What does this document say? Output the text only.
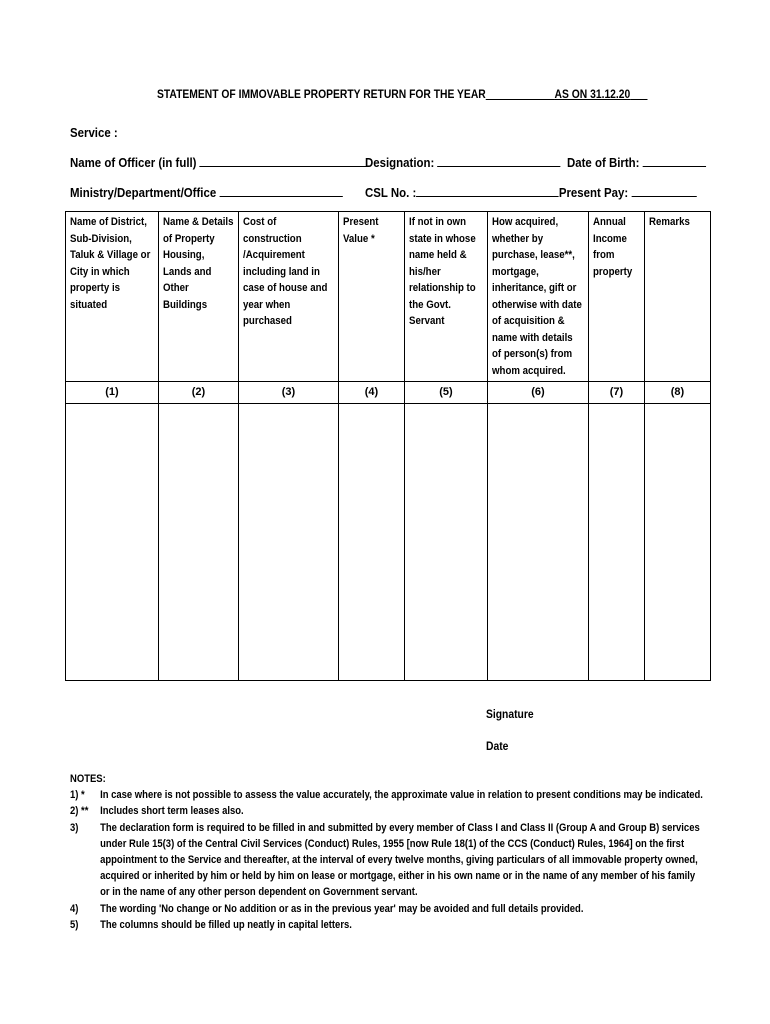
STATEMENT OF IMMOVABLE PROPERTY RETURN FOR THE YEAR	AS ON 31.12.20
Service :
Name of Officer (in full)	Designation:	Date of Birth:
Ministry/Department/Office	CSL No. :	Present Pay:
Name of District, Sub-Division, Taluk & Village or City in which property is situated	Name & Details of Property Housing, Lands and Other Buildings	Cost of construction /Acquirement including land in case of house and year when purchased	Present Value *	If not in own state in whose name held & his/her relationship to the Govt. Servant	How acquired, whether by purchase, lease**, mortgage, inheritance, gift or otherwise with date of acquisition & name with details of person(s) from whom acquired.	Annual Income from property	Remarks

(1)	(2)	(3)	(4)	(5)	(6)	(7)	(8)

Signature
Date
NOTES:
1) *	In case where is not possible to assess the value accurately, the approximate value in relation to present conditions may be indicated.
2) **	Includes short term leases also.
3)	The declaration form is required to be filled in and submitted by every member of Class I and Class II (Group A and Group B) services under Rule 15(3) of the Central Civil Services (Conduct) Rules, 1955 [now Rule 18(1) of the CCS (Conduct) Rules, 1964] on the first appointment to the Service and thereafter, at the interval of every twelve months, giving particulars of all immovable property owned, acquired or inherited by him or held by him on lease or mortgage, either in his own name or in the name of any member of his family or in the name of any other person dependent on Government servant.
4)	The wording 'No change or No addition or as in the previous year' may be avoided and full details provided.
5)	The columns should be filled up neatly in capital letters.
